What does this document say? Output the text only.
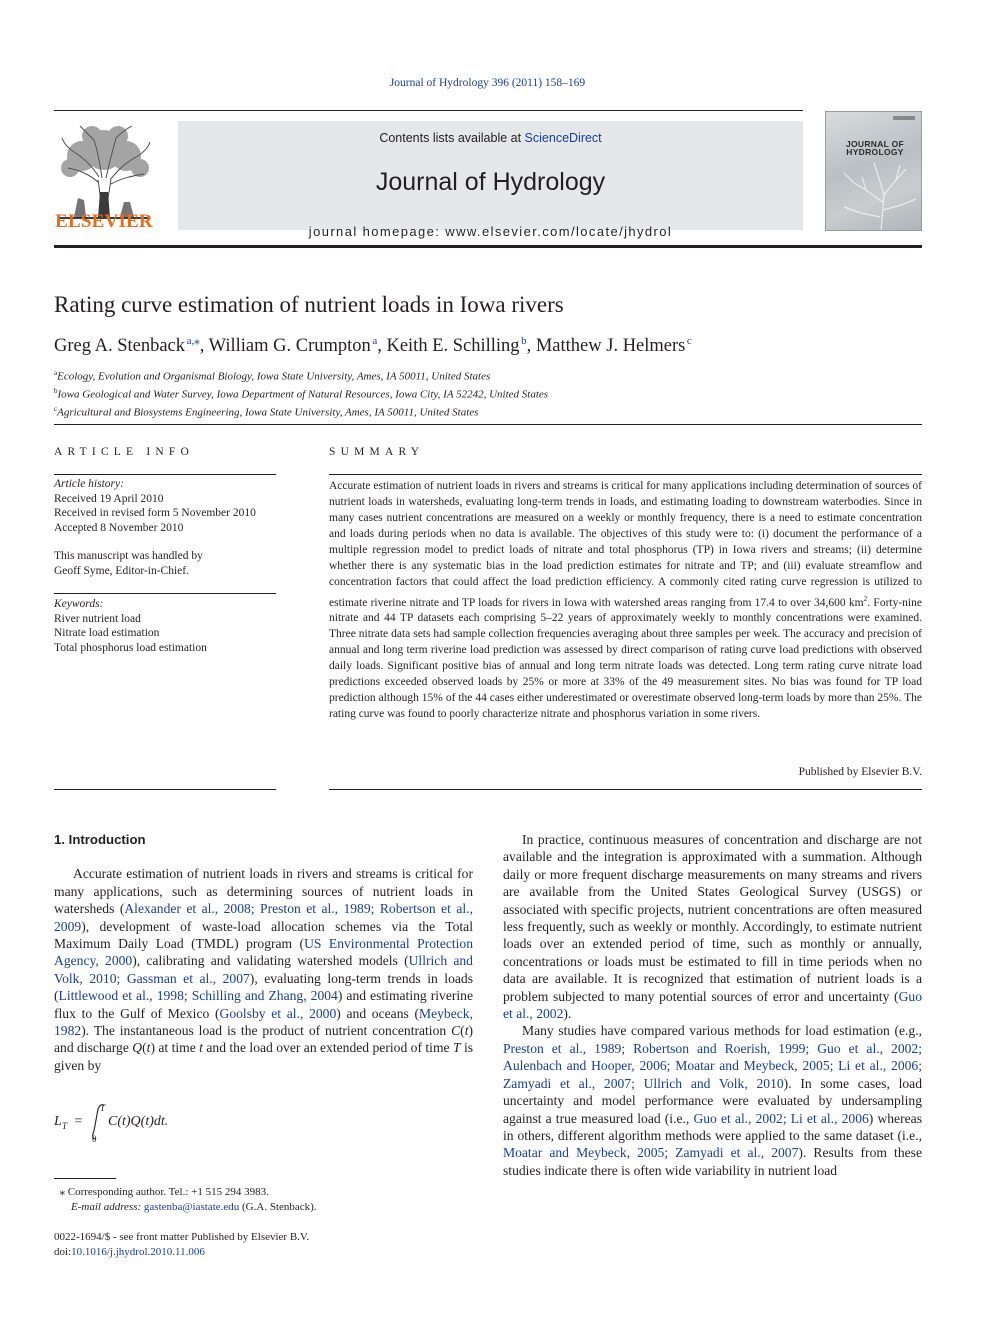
Journal of Hydrology 396 (2011) 158–169
ELSEVIER
Contents lists available at ScienceDirect
Journal of Hydrology
journal homepage: www.elsevier.com/locate/jhydrol
JOURNAL OF
HYDROLOGY
Rating curve estimation of nutrient loads in Iowa rivers
Greg A. Stenback  $^{a,⁎}$, William G. Crumpton  $^a$, Keith E. Schilling  $^b$, Matthew J. Helmers  $^c$
$^a$Ecology, Evolution and Organismal Biology, Iowa State University, Ames, IA 50011, United States
$^b$Iowa Geological and Water Survey, Iowa Department of Natural Resources, Iowa City, IA 52242, United States
$^c$Agricultural and Biosystems Engineering, Iowa State University, Ames, IA 50011, United States
ARTICLE INFO
Article history:
Received 19 April 2010
Received in revised form 5 November 2010
Accepted 8 November 2010
This manuscript was handled by
Geoff Syme, Editor-in-Chief.
Keywords:
River nutrient load
Nitrate load estimation
Total phosphorus load estimation
SUMMARY
Accurate estimation of nutrient loads in rivers and streams is critical for many applications including determination of sources of nutrient loads in watersheds, evaluating long-term trends in loads, and estimating loading to downstream waterbodies. Since in many cases nutrient concentrations are measured on a weekly or monthly frequency, there is a need to estimate concentration and loads during periods when no data is available. The objectives of this study were to: (i) document the performance of a multiple regression model to predict loads of nitrate and total phosphorus (TP) in Iowa rivers and streams; (ii) determine whether there is any systematic bias in the load prediction estimates for nitrate and TP; and (iii) evaluate streamflow and concentration factors that could affect the load prediction efficiency. A commonly cited rating curve regression is utilized to estimate riverine nitrate and TP loads for rivers in Iowa with watershed areas ranging from 17.4 to over 34,600 $km^2$. Forty-nine nitrate and 44 TP datasets each comprising 5–22 years of approximately weekly to monthly concentrations were examined. Three nitrate data sets had sample collection frequencies averaging about three samples per week. The accuracy and precision of annual and long term riverine load prediction was assessed by direct comparison of rating curve load predictions with observed daily loads. Significant positive bias of annual and long term nitrate loads was detected. Long term rating curve nitrate load predictions exceeded observed loads by 25% or more at 33% of the 49 measurement sites. No bias was found for TP load prediction although 15% of the 44 cases either underestimated or overestimate observed long-term loads by more than 25%. The rating curve was found to poorly characterize nitrate and phosphorus variation in some rivers.
Published by Elsevier B.V.
1. Introduction
Accurate estimation of nutrient loads in rivers and streams is critical for many applications, such as determining sources of nutrient loads in watersheds (Alexander et al., 2008; Preston et al., 1989; Robertson et al., 2009), development of waste-load allocation schemes via the Total Maximum Daily Load (TMDL) program (US Environmental Protection Agency, 2000), calibrating and validating watershed models (Ullrich and Volk, 2010; Gassman et al., 2007), evaluating long-term trends in loads (Littlewood et al., 1998; Schilling and Zhang, 2004) and estimating riverine flux to the Gulf of Mexico (Goolsby et al., 2000) and oceans (Meybeck, 1982). The instantaneous load is the product of nutrient concentration C(t) and discharge Q(t) at time t and the load over an extended period of time T is given by
L T =
T
0
C(t)Q(t)dt.
In practice, continuous measures of concentration and discharge are not available and the integration is approximated with a summation. Although daily or more frequent discharge measurements on many streams and rivers are available from the United States Geological Survey (USGS) or associated with specific projects, nutrient concentrations are often measured less frequently, such as weekly or monthly. Accordingly, to estimate nutrient loads over an extended period of time, such as monthly or annually, concentrations or loads must be estimated to fill in time periods when no data are available. It is recognized that estimation of nutrient loads is a problem subjected to many potential sources of error and uncertainty (Guo et al., 2002).
Many studies have compared various methods for load estimation (e.g., Preston et al., 1989; Robertson and Roerish, 1999; Guo et al., 2002; Aulenbach and Hooper, 2006; Moatar and Meybeck, 2005; Li et al., 2006; Zamyadi et al., 2007; Ullrich and Volk, 2010). In some cases, load uncertainty and model performance were evaluated by undersampling against a true measured load (i.e., Guo et al., 2002; Li et al., 2006) whereas in others, different algorithm methods were applied to the same dataset (i.e., Moatar and Meybeck, 2005; Zamyadi et al., 2007). Results from these studies indicate there is often wide variability in nutrient load
⁎ Corresponding author. Tel.: +1 515 294 3983.
E-mail address: gastenba@iastate.edu (G.A. Stenback).
0022-1694/$ - see front matter Published by Elsevier B.V.
doi:10.1016/j.jhydrol.2010.11.006
